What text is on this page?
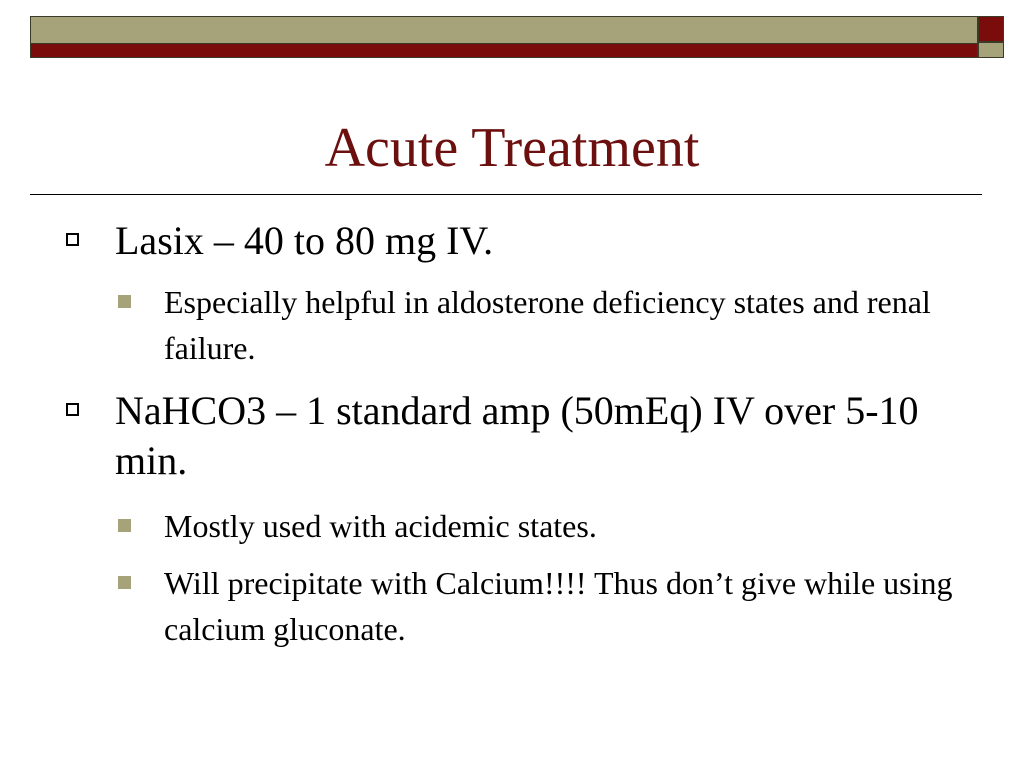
Acute Treatment
Lasix – 40 to 80 mg IV.
Especially helpful in aldosterone deficiency states and renal failure.
NaHCO3 – 1 standard amp (50mEq) IV over 5-10 min.
Mostly used with acidemic states.
Will precipitate with Calcium!!!! Thus don’t give while using calcium gluconate.
